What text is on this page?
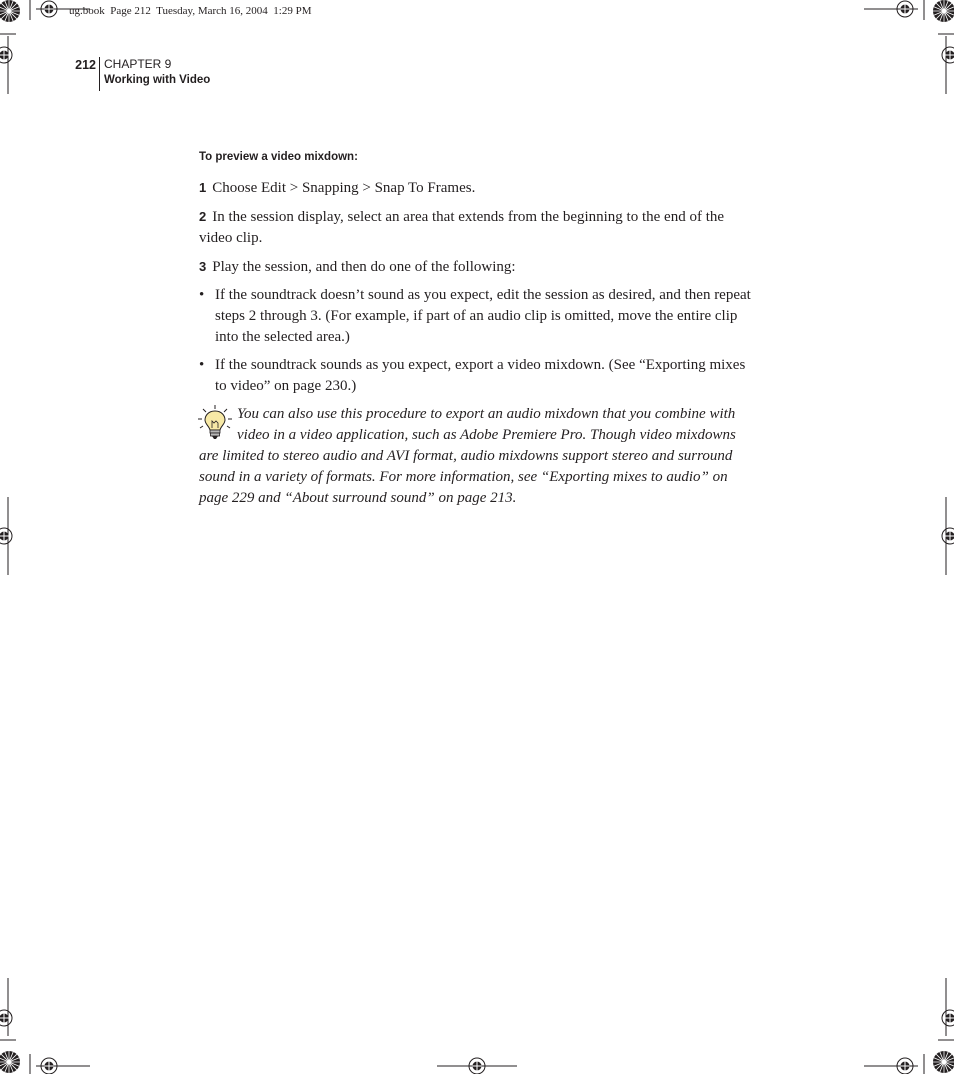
ug.book  Page 212  Tuesday, March 16, 2004  1:29 PM
212 CHAPTER 9
Working with Video
To preview a video mixdown:

1 Choose Edit > Snapping > Snap To Frames.

2 In the session display, select an area that extends from the beginning to the end of the video clip.

3 Play the session, and then do one of the following:

• If the soundtrack doesn’t sound as you expect, edit the session as desired, and then repeat steps 2 through 3. (For example, if part of an audio clip is omitted, move the entire clip into the selected area.)
• If the soundtrack sounds as you expect, export a video mixdown. (See “Exporting mixes to video” on page 230.)
You can also use this procedure to export an audio mixdown that you combine with video in a video application, such as Adobe Premiere Pro. Though video mixdowns are limited to stereo audio and AVI format, audio mixdowns support stereo and surround sound in a variety of formats. For more information, see “Exporting mixes to audio” on page 229 and “About surround sound” on page 213.
